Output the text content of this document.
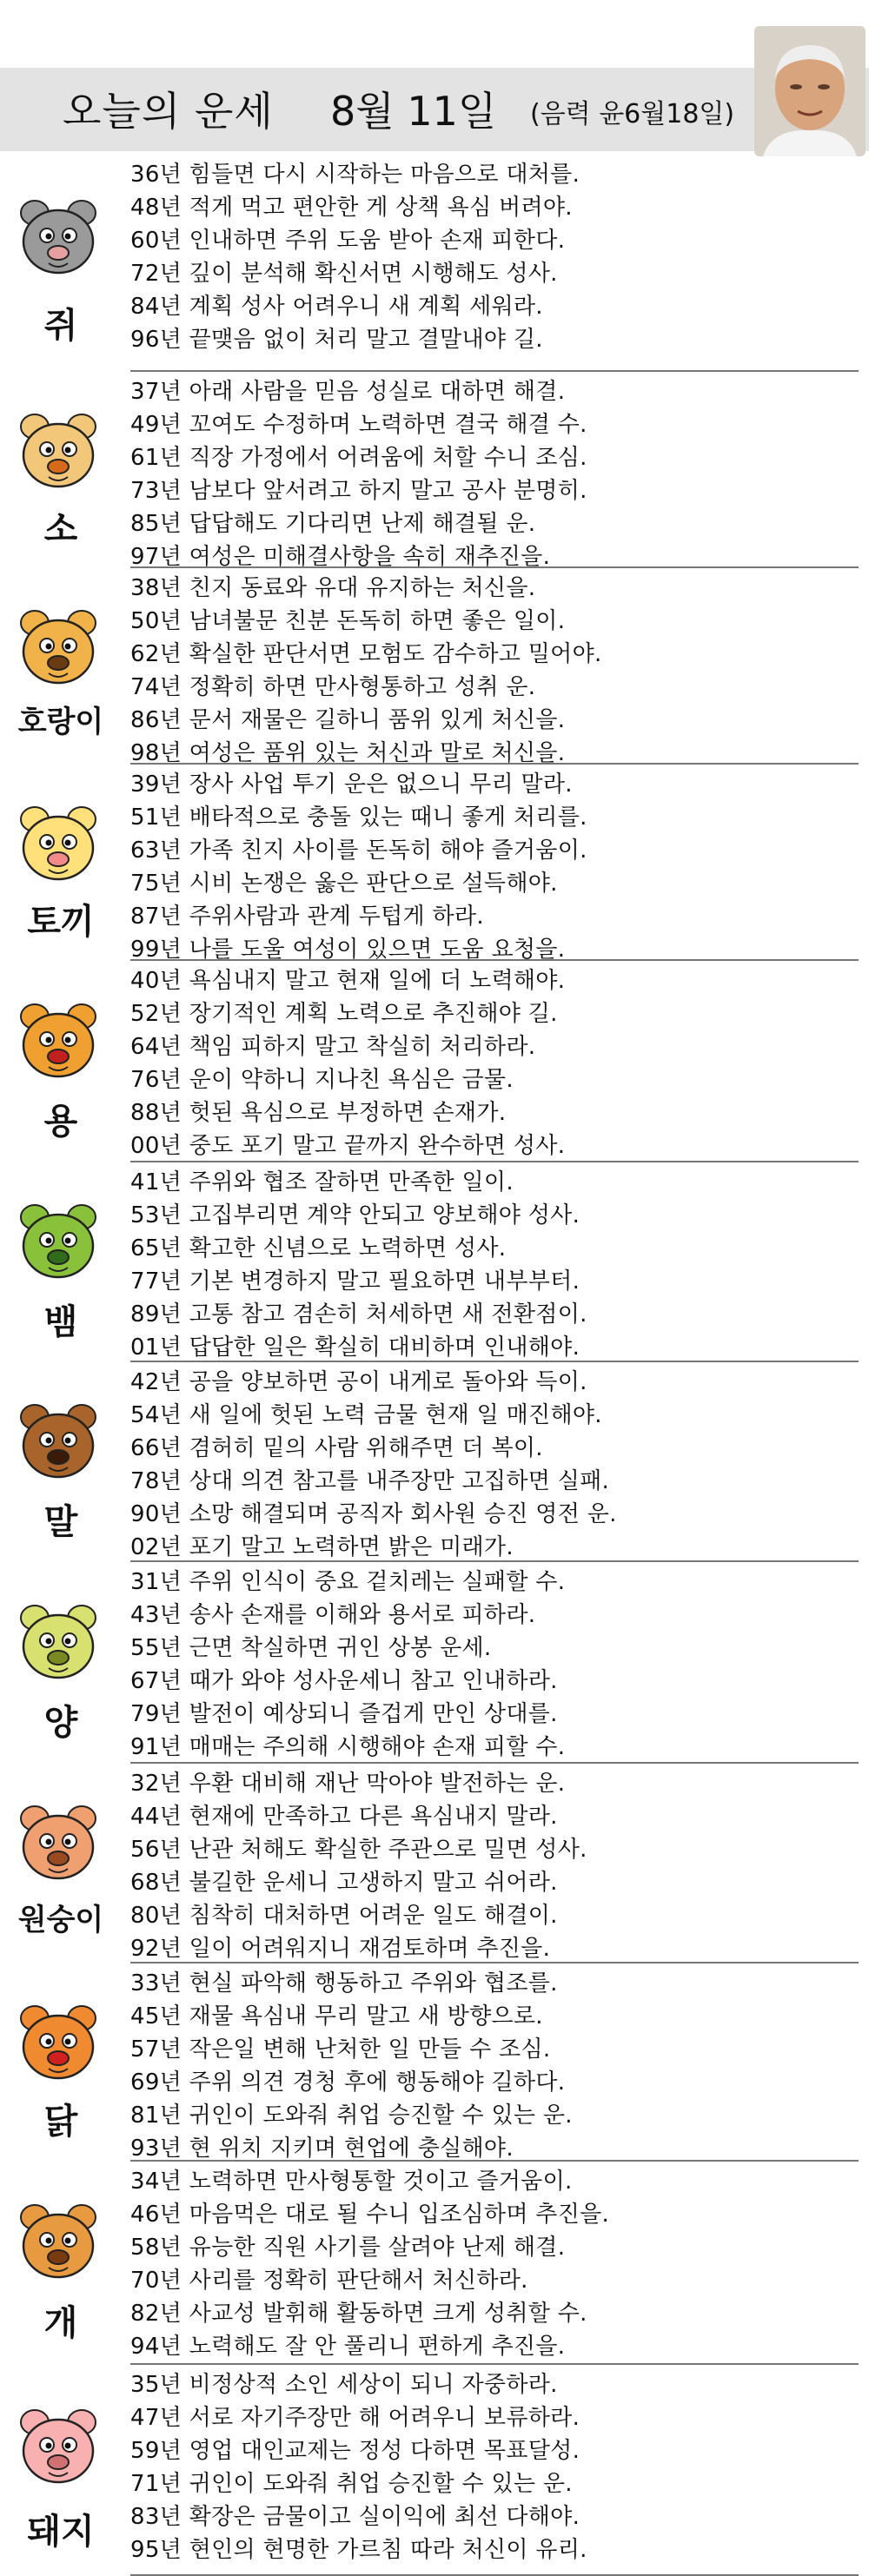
오늘의 운세 8월 11일 (음력 윤6월18일)
쥐
36년 힘들면 다시 시작하는 마음으로 대처를.
48년 적게 먹고 편안한 게 상책 욕심 버려야.
60년 인내하면 주위 도움 받아 손재 피한다.
72년 깊이 분석해 확신서면 시행해도 성사.
84년 계획 성사 어려우니 새 계획 세워라.
96년 끝맺음 없이 처리 말고 결말내야 길.
소
37년 아래 사람을 믿음 성실로 대하면 해결.
49년 꼬여도 수정하며 노력하면 결국 해결 수.
61년 직장 가정에서 어려움에 처할 수니 조심.
73년 남보다 앞서려고 하지 말고 공사 분명히.
85년 답답해도 기다리면 난제 해결될 운.
97년 여성은 미해결사항을 속히 재추진을.
호랑이
38년 친지 동료와 유대 유지하는 처신을.
50년 남녀불문 친분 돈독히 하면 좋은 일이.
62년 확실한 판단서면 모험도 감수하고 밀어야.
74년 정확히 하면 만사형통하고 성취 운.
86년 문서 재물은 길하니 품위 있게 처신을.
98년 여성은 품위 있는 처신과 말로 처신을.
토끼
39년 장사 사업 투기 운은 없으니 무리 말라.
51년 배타적으로 충돌 있는 때니 좋게 처리를.
63년 가족 친지 사이를 돈독히 해야 즐거움이.
75년 시비 논쟁은 옳은 판단으로 설득해야.
87년 주위사람과 관계 두텁게 하라.
99년 나를 도울 여성이 있으면 도움 요청을.
용
40년 욕심내지 말고 현재 일에 더 노력해야.
52년 장기적인 계획 노력으로 추진해야 길.
64년 책임 피하지 말고 착실히 처리하라.
76년 운이 약하니 지나친 욕심은 금물.
88년 헛된 욕심으로 부정하면 손재가.
00년 중도 포기 말고 끝까지 완수하면 성사.
뱀
41년 주위와 협조 잘하면 만족한 일이.
53년 고집부리면 계약 안되고 양보해야 성사.
65년 확고한 신념으로 노력하면 성사.
77년 기본 변경하지 말고 필요하면 내부부터.
89년 고통 참고 겸손히 처세하면 새 전환점이.
01년 답답한 일은 확실히 대비하며 인내해야.
말
42년 공을 양보하면 공이 내게로 돌아와 득이.
54년 새 일에 헛된 노력 금물 현재 일 매진해야.
66년 겸허히 밑의 사람 위해주면 더 복이.
78년 상대 의견 참고를 내주장만 고집하면 실패.
90년 소망 해결되며 공직자 회사원 승진 영전 운.
02년 포기 말고 노력하면 밝은 미래가.
양
31년 주위 인식이 중요 겉치레는 실패할 수.
43년 송사 손재를 이해와 용서로 피하라.
55년 근면 착실하면 귀인 상봉 운세.
67년 때가 와야 성사운세니 참고 인내하라.
79년 발전이 예상되니 즐겁게 만인 상대를.
91년 매매는 주의해 시행해야 손재 피할 수.
원숭이
32년 우환 대비해 재난 막아야 발전하는 운.
44년 현재에 만족하고 다른 욕심내지 말라.
56년 난관 처해도 확실한 주관으로 밀면 성사.
68년 불길한 운세니 고생하지 말고 쉬어라.
80년 침착히 대처하면 어려운 일도 해결이.
92년 일이 어려워지니 재검토하며 추진을.
닭
33년 현실 파악해 행동하고 주위와 협조를.
45년 재물 욕심내 무리 말고 새 방향으로.
57년 작은일 변해 난처한 일 만들 수 조심.
69년 주위 의견 경청 후에 행동해야 길하다.
81년 귀인이 도와줘 취업 승진할 수 있는 운.
93년 현 위치 지키며 현업에 충실해야.
개
34년 노력하면 만사형통할 것이고 즐거움이.
46년 마음먹은 대로 될 수니 입조심하며 추진을.
58년 유능한 직원 사기를 살려야 난제 해결.
70년 사리를 정확히 판단해서 처신하라.
82년 사교성 발휘해 활동하면 크게 성취할 수.
94년 노력해도 잘 안 풀리니 편하게 추진을.
돼지
35년 비정상적 소인 세상이 되니 자중하라.
47년 서로 자기주장만 해 어려우니 보류하라.
59년 영업 대인교제는 정성 다하면 목표달성.
71년 귀인이 도와줘 취업 승진할 수 있는 운.
83년 확장은 금물이고 실이익에 최선 다해야.
95년 현인의 현명한 가르침 따라 처신이 유리.
